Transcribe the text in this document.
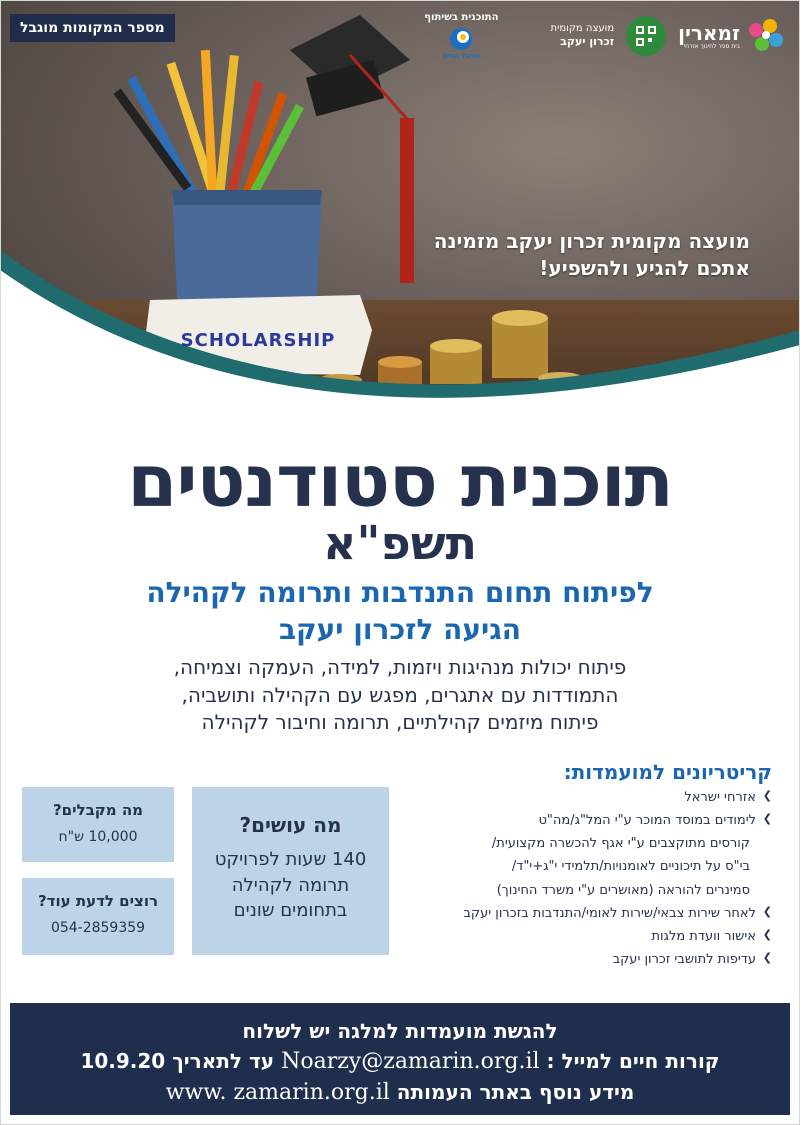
מועצה מקומית זכרון יעקב מזמינה
אתכם להגיע ולהשפיע!
SCHOLARSHIP
מספר המקומות מוגבל	זמארין
בית ספר לחינוך אזרחי
מועצה מקומית
זכרון יעקב
התוכנית בשיתוף
מפעל הפיס
תוכנית סטודנטים
תשפ"א
לפיתוח תחום התנדבות ותרומה לקהילה
הגיעה לזכרון יעקב
פיתוח יכולות מנהיגות ויזמות, למידה, העמקה וצמיחה,
התמודדות עם אתגרים, מפגש עם הקהילה ותושביה,
פיתוח מיזמים קהילתיים, תרומה וחיבור לקהילה
קריטריונים למועמדות:
❯ אזרחי ישראל
❯ לימודים במוסד המוכר ע"י המל"ג/מה"ט
קורסים מתוקצבים ע"י אגף להכשרה מקצועית/
בי"ס על תיכוניים לאומנויות/תלמידי י"ג+י"ד/
סמינרים להוראה (מאושרים ע"י משרד החינוך)
❯ לאחר שירות צבאי/שירות לאומי/התנדבות בזכרון יעקב
❯ אישור וועדת מלגות
❯ עדיפות לתושבי זכרון יעקב
מה עושים?
140 שעות לפרויקט
תרומה לקהילה
בתחומים שונים
מה מקבלים?
10,000 ש"ח
רוצים לדעת עוד?
054-2859359
להגשת מועמדות למלגה יש לשלוח
קורות חיים למייל : Noarzy@zamarin.org.il עד לתאריך 10.9.20
מידע נוסף באתר העמותה www. zamarin.org.il
